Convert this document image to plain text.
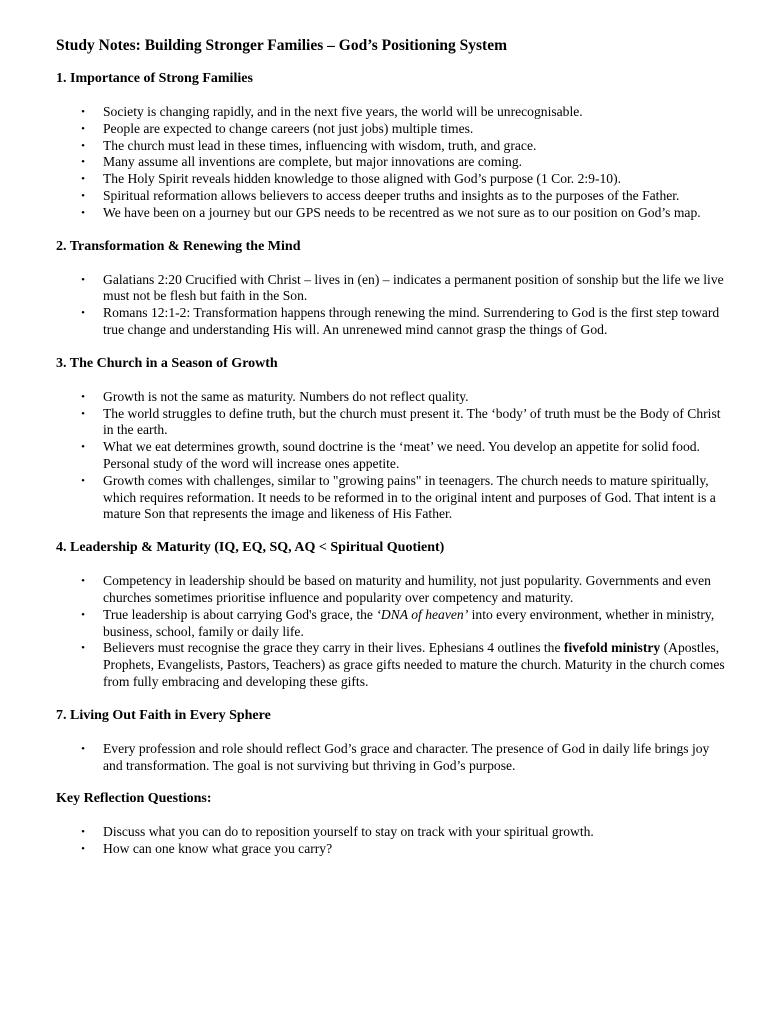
Study Notes: Building Stronger Families – God’s Positioning System
1. Importance of Strong Families
• Society is changing rapidly, and in the next five years, the world will be unrecognisable.
• People are expected to change careers (not just jobs) multiple times.
• The church must lead in these times, influencing with wisdom, truth, and grace.
• Many assume all inventions are complete, but major innovations are coming.
• The Holy Spirit reveals hidden knowledge to those aligned with God’s purpose (1 Cor. 2:9-10).
• Spiritual reformation allows believers to access deeper truths and insights as to the purposes of the Father.
• We have been on a journey but our GPS needs to be recentred as we not sure as to our position on God’s map.
2. Transformation & Renewing the Mind
• Galatians 2:20 Crucified with Christ – lives in (en) – indicates a permanent position of sonship but the life we live must not be flesh but faith in the Son.
• Romans 12:1-2: Transformation happens through renewing the mind. Surrendering to God is the first step toward true change and understanding His will. An unrenewed mind cannot grasp the things of God.
3. The Church in a Season of Growth
• Growth is not the same as maturity. Numbers do not reflect quality.
• The world struggles to define truth, but the church must present it. The ‘body’ of truth must be the Body of Christ in the earth.
• What we eat determines growth, sound doctrine is the ‘meat’ we need. You develop an appetite for solid food. Personal study of the word will increase ones appetite.
• Growth comes with challenges, similar to "growing pains" in teenagers. The church needs to mature spiritually, which requires reformation. It needs to be reformed in to the original intent and purposes of God. That intent is a mature Son that represents the image and likeness of His Father.
4. Leadership & Maturity (IQ, EQ, SQ, AQ < Spiritual Quotient)
• Competency in leadership should be based on maturity and humility, not just popularity. Governments and even churches sometimes prioritise influence and popularity over competency and maturity.
• True leadership is about carrying God's grace, the ‘DNA of heaven’ into every environment, whether in ministry, business, school, family or daily life.
• Believers must recognise the grace they carry in their lives. Ephesians 4 outlines the fivefold ministry (Apostles, Prophets, Evangelists, Pastors, Teachers) as grace gifts needed to mature the church. Maturity in the church comes from fully embracing and developing these gifts.
7. Living Out Faith in Every Sphere
• Every profession and role should reflect God’s grace and character. The presence of God in daily life brings joy and transformation. The goal is not surviving but thriving in God’s purpose.
Key Reflection Questions:
• Discuss what you can do to reposition yourself to stay on track with your spiritual growth.
• How can one know what grace you carry?
